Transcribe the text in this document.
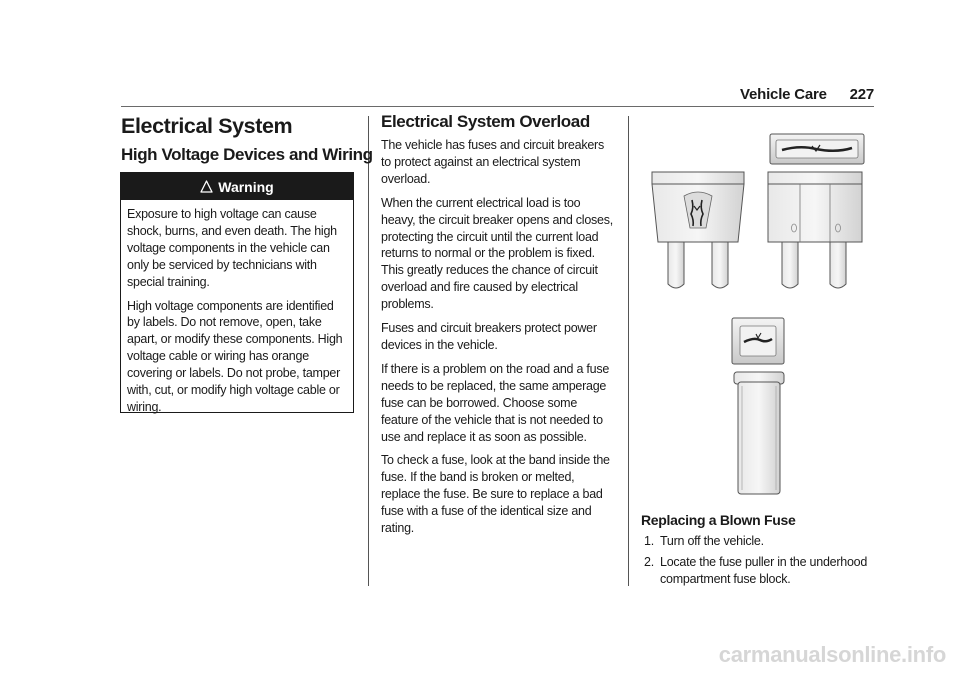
Vehicle Care 227
Electrical System
High Voltage Devices and Wiring
Warning

Exposure to high voltage can cause shock, burns, and even death. The high voltage components in the vehicle can only be serviced by technicians with special training.

High voltage components are identified by labels. Do not remove, open, take apart, or modify these components. High voltage cable or wiring has orange covering or labels. Do not probe, tamper with, cut, or modify high voltage cable or wiring.

Electrical System Overload

The vehicle has fuses and circuit breakers to protect against an electrical system overload.

When the current electrical load is too heavy, the circuit breaker opens and closes, protecting the circuit until the current load returns to normal or the problem is fixed. This greatly reduces the chance of circuit overload and fire caused by electrical problems.

Fuses and circuit breakers protect power devices in the vehicle.

If there is a problem on the road and a fuse needs to be replaced, the same amperage fuse can be borrowed. Choose some feature of the vehicle that is not needed to use and replace it as soon as possible.

To check a fuse, look at the band inside the fuse. If the band is broken or melted, replace the fuse. Be sure to replace a bad fuse with a fuse of the identical size and rating.

Replacing a Blown Fuse
1. Turn off the vehicle.
2. Locate the fuse puller in the underhood compartment fuse block.
carmanualsonline.info
